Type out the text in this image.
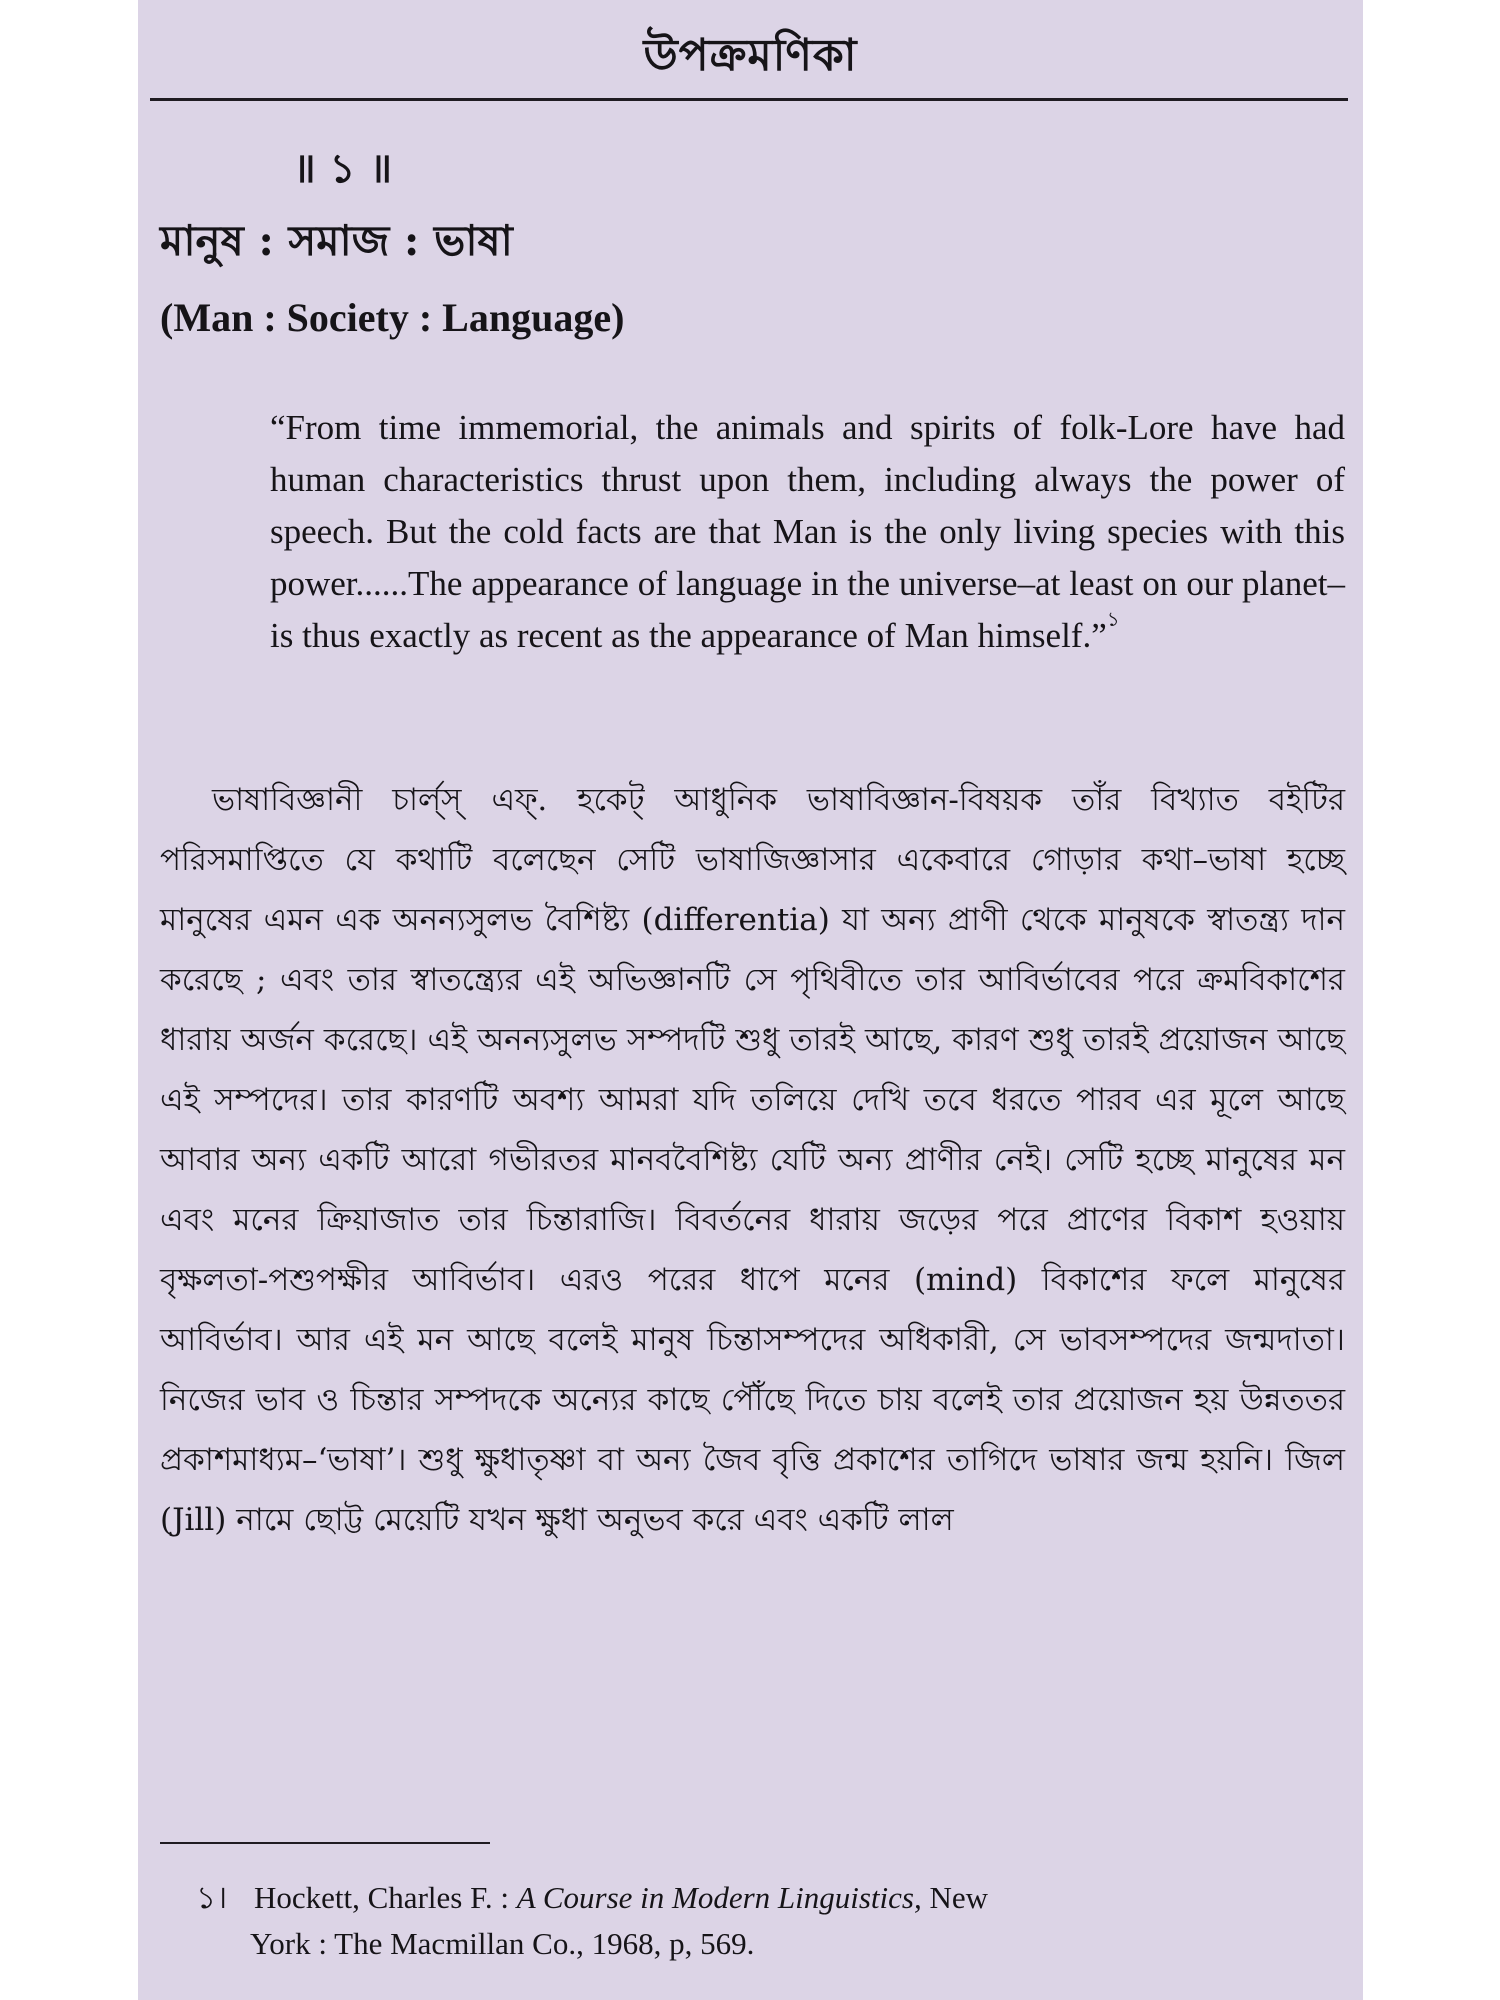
উপক্রমণিকা
॥ ১ ॥
মানুষ : সমাজ : ভাষা
(Man : Society : Language)

“From time immemorial, the animals and spirits of folk-Lore have had human characteristics thrust upon them, including always the power of speech. But the cold facts are that Man is the only living species with this power......The appearance of language in the universe–at least on our planet–is thus exactly as recent as the appearance of Man himself.”$^১$

ভাষাবিজ্ঞানী চার্ল্‌স্ এফ্. হকেট্ আধুনিক ভাষাবিজ্ঞান-বিষয়ক তাঁর বিখ্যাত বইটির পরিসমাপ্তিতে যে কথাটি বলেছেন সেটি ভাষাজিজ্ঞাসার একেবারে গোড়ার কথা–ভাষা হচ্ছে মানুষের এমন এক অনন্যসুলভ বৈশিষ্ট্য (differentia) যা অন্য প্রাণী থেকে মানুষকে স্বাতন্ত্র্য দান করেছে ; এবং তার স্বাতন্ত্র্যের এই অভিজ্ঞানটি সে পৃথিবীতে তার আবির্ভাবের পরে ক্রমবিকাশের ধারায় অর্জন করেছে। এই অনন্যসুলভ সম্পদটি শুধু তারই আছে, কারণ শুধু তারই প্রয়োজন আছে এই সম্পদের। তার কারণটি অবশ্য আমরা যদি তলিয়ে দেখি তবে ধরতে পারব এর মূলে আছে আবার অন্য একটি আরো গভীরতর মানববৈশিষ্ট্য যেটি অন্য প্রাণীর নেই। সেটি হচ্ছে মানুষের মন এবং মনের ক্রিয়াজাত তার চিন্তারাজি। বিবর্তনের ধারায় জড়ের পরে প্রাণের বিকাশ হওয়ায় বৃক্ষলতা-পশুপক্ষীর আবির্ভাব। এরও পরের ধাপে মনের (mind) বিকাশের ফলে মানুষের আবির্ভাব। আর এই মন আছে বলেই মানুষ চিন্তাসম্পদের অধিকারী, সে ভাবসম্পদের জন্মদাতা। নিজের ভাব ও চিন্তার সম্পদকে অন্যের কাছে পৌঁছে দিতে চায় বলেই তার প্রয়োজন হয় উন্নততর প্রকাশমাধ্যম–‘ভাষা’। শুধু ক্ষুধাতৃষ্ণা বা অন্য জৈব বৃত্তি প্রকাশের তাগিদে ভাষার জন্ম হয়নি। জিল (Jill) নামে ছোট্ট মেয়েটি যখন ক্ষুধা অনুভব করে এবং একটি লাল

১। Hockett, Charles F. : A Course in Modern Linguistics, New
York : The Macmillan Co., 1968, p, 569.
